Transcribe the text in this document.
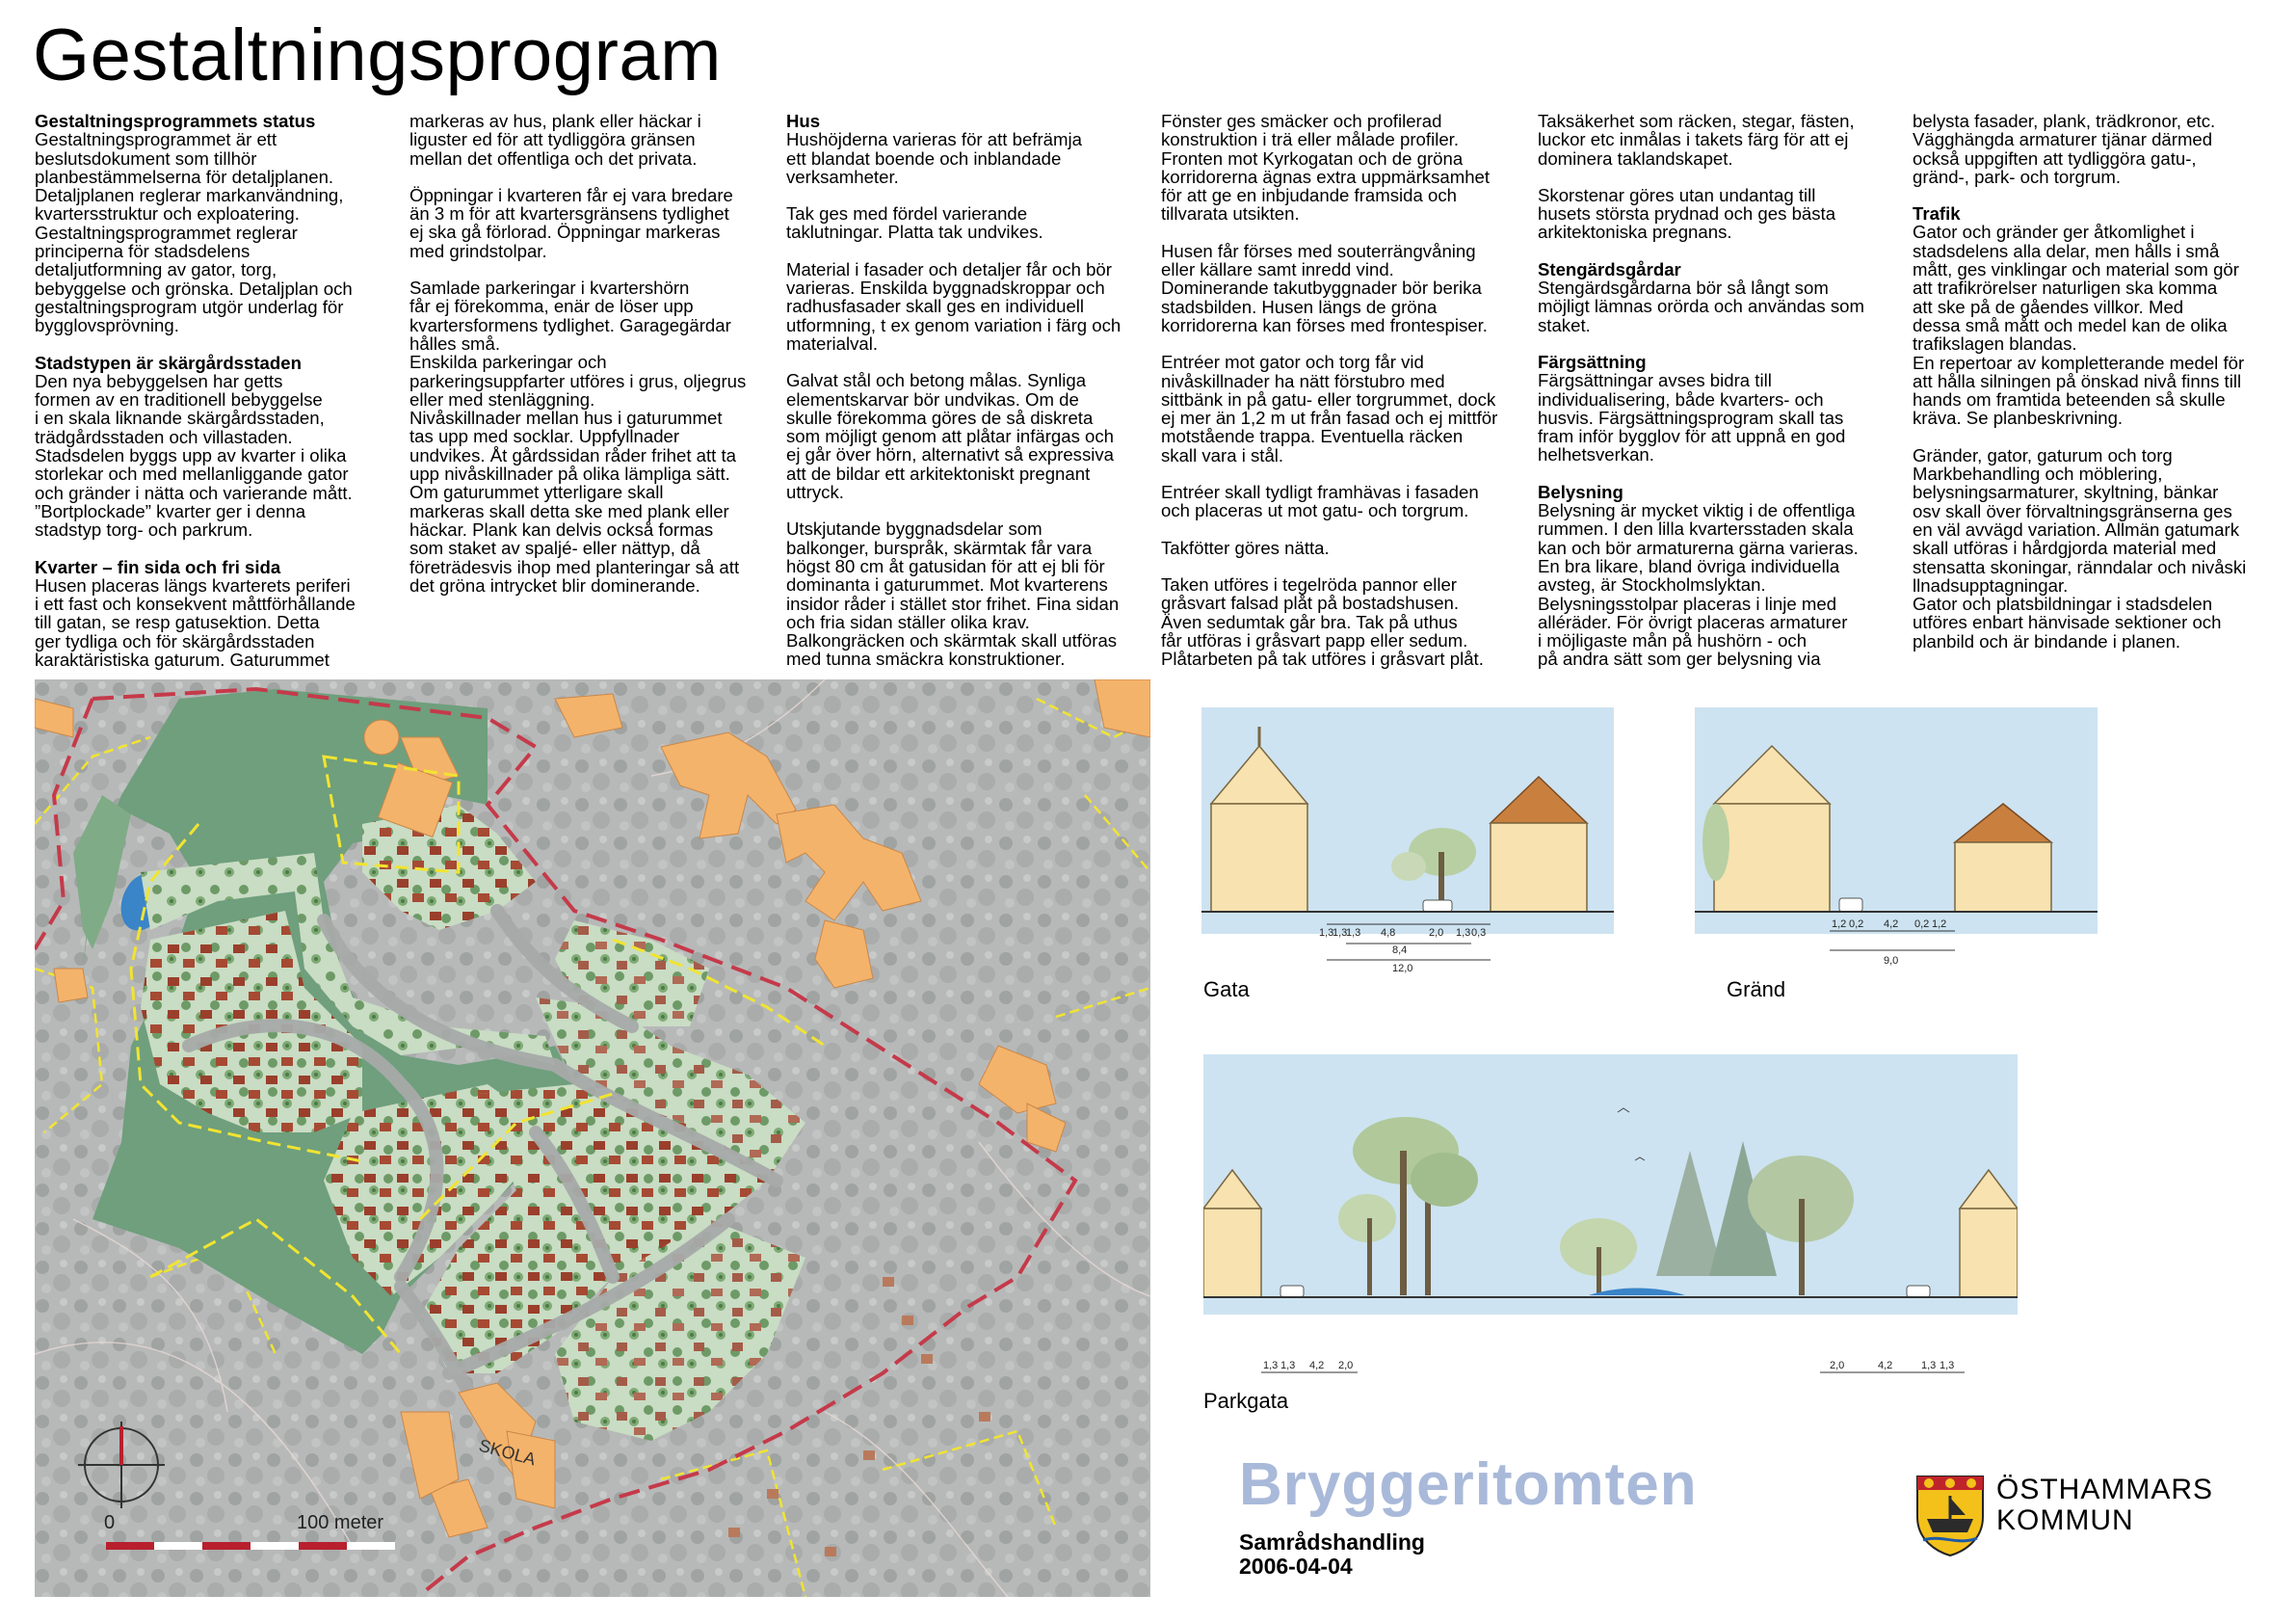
Gestaltningsprogram
Gestaltningsprogrammets status
Gestaltningsprogrammet är ett
beslutsdokument som tillhör
planbestämmelserna för detaljplanen.
Detaljplanen reglerar markanvändning,
kvartersstruktur och exploatering.
Gestaltningsprogrammet reglerar
principerna för stadsdelens
detaljutformning av gator, torg,
bebyggelse och grönska. Detaljplan och
gestaltningsprogram utgör underlag för
bygglovsprövning.
Stadstypen är skärgårdsstaden
Den nya bebyggelsen har getts
formen av en traditionell bebyggelse
i en skala liknande skärgårdsstaden,
trädgårdsstaden och villastaden.
Stadsdelen byggs upp av kvarter i olika
storlekar och med mellanliggande gator
och gränder i nätta och varierande mått.
”Bortplockade” kvarter ger i denna
stadstyp torg- och parkrum.
Kvarter – fin sida och fri sida
Husen placeras längs kvarterets periferi
i ett fast och konsekvent måttförhållande
till gatan, se resp gatusektion. Detta
ger tydliga och för skärgårdsstaden
karaktäristiska gaturum. Gaturummet
markeras av hus, plank eller häckar i
liguster ed för att tydliggöra gränsen
mellan det offentliga och det privata.
Öppningar i kvarteren får ej vara bredare
än 3 m för att kvartersgränsens tydlighet
ej ska gå förlorad. Öppningar markeras
med grindstolpar.
Samlade parkeringar i kvartershörn
får ej förekomma, enär de löser upp
kvartersformens tydlighet. Garagegärdar
hålles små.
Enskilda parkeringar och
parkeringsuppfarter utföres i grus, oljegrus
eller med stenläggning.
Nivåskillnader mellan hus i gaturummet
tas upp med socklar. Uppfyllnader
undvikes. Åt gårdssidan råder frihet att ta
upp nivåskillnader på olika lämpliga sätt.
Om gaturummet ytterligare skall
markeras skall detta ske med plank eller
häckar. Plank kan delvis också formas
som staket av spaljé- eller nättyp, då
företrädesvis ihop med planteringar så att
det gröna intrycket blir dominerande.
Hus
Hushöjderna varieras för att befrämja
ett blandat boende och inblandade
verksamheter.
Tak ges med fördel varierande
taklutningar. Platta tak undvikes.
Material i fasader och detaljer får och bör
varieras. Enskilda byggnadskroppar och
radhusfasader skall ges en individuell
utformning, t ex genom variation i färg och
materialval.
Galvat stål och betong målas. Synliga
elementskarvar bör undvikas. Om de
skulle förekomma göres de så diskreta
som möjligt genom att plåtar infärgas och
ej går över hörn, alternativt så expressiva
att de bildar ett arkitektoniskt pregnant
uttryck.
Utskjutande byggnadsdelar som
balkonger, burspråk, skärmtak får vara
högst 80 cm åt gatusidan för att ej bli för
dominanta i gaturummet. Mot kvarterens
insidor råder i stället stor frihet. Fina sidan
och fria sidan ställer olika krav.
Balkongräcken och skärmtak skall utföras
med tunna smäckra konstruktioner.
Fönster ges smäcker och profilerad
konstruktion i trä eller målade profiler.
Fronten mot Kyrkogatan och de gröna
korridorerna ägnas extra uppmärksamhet
för att ge en inbjudande framsida och
tillvarata utsikten.
Husen får förses med souterrängvåning
eller källare samt inredd vind.
Dominerande takutbyggnader bör berika
stadsbilden. Husen längs de gröna
korridorerna kan förses med frontespiser.
Entréer mot gator och torg får vid
nivåskillnader ha nätt förstubro med
sittbänk in på gatu- eller torgrummet, dock
ej mer än 1,2 m ut från fasad och ej mittför
motstående trappa. Eventuella räcken
skall vara i stål.
Entréer skall tydligt framhävas i fasaden
och placeras ut mot gatu- och torgrum.
Takfötter göres nätta.
Taken utföres i tegelröda pannor eller
gråsvart falsad plåt på bostadshusen.
Även sedumtak går bra. Tak på uthus
får utföras i gråsvart papp eller sedum.
Plåtarbeten på tak utföres i gråsvart plåt.
Taksäkerhet som räcken, stegar, fästen,
luckor etc inmålas i takets färg för att ej
dominera taklandskapet.
Skorstenar göres utan undantag till
husets största prydnad och ges bästa
arkitektoniska pregnans.
Stengärdsgårdar
Stengärdsgårdarna bör så långt som
möjligt lämnas orörda och användas som
staket.
Färgsättning
Färgsättningar avses bidra till
individualisering, både kvarters- och
husvis. Färgsättningsprogram skall tas
fram inför bygglov för att uppnå en god
helhetsverkan.
Belysning
Belysning är mycket viktig i de offentliga
rummen. I den lilla kvartersstaden skala
kan och bör armaturerna gärna varieras.
En bra likare, bland övriga individuella
avsteg, är Stockholmslyktan.
Belysningsstolpar placeras i linje med
alléräder. För övrigt placeras armaturer
i möjligaste mån på hushörn - och
på andra sätt som ger belysning via
belysta fasader, plank, trädkronor, etc.
Vägghängda armaturer tjänar därmed
också uppgiften att tydliggöra gatu-,
gränd-, park- och torgrum.
Trafik
Gator och gränder ger åtkomlighet i
stadsdelens alla delar, men hålls i små
mått, ges vinklingar och material som gör
att trafikrörelser naturligen ska komma
att ske på de gåendes villkor. Med
dessa små mått och medel kan de olika
trafikslagen blandas.
En repertoar av kompletterande medel för
att hålla silningen på önskad nivå finns till
hands om framtida beteenden så skulle
kräva. Se planbeskrivning.
Gränder, gator, gaturum och torg
Markbehandling och möblering,
belysningsarmaturer, skyltning, bänkar
osv skall över förvaltningsgränserna ges
en väl avvägd variation. Allmän gatumark
skall utföras i hårdgjorda material med
stensatta skoningar, ränndalar och nivåski
llnadsupptagningar.
Gator och platsbildningar i stadsdelen
utföres enbart hänvisade sektioner och
planbild och är bindande i planen.
SKOLA
0	100 meter
1,3
1,3
1,3 4,8	2,0 1,3 0,3
8,4
12,0
Gata
1,2 0,2 4,2 0,2 1,2
9,0
Gränd
1,3 1,3 4,2 2,0	2,0	4,2	1,3 1,3
Parkgata
Bryggeritomten
Samrådshandling
2006-04-04
ÖSTHAMMARS
KOMMUN
